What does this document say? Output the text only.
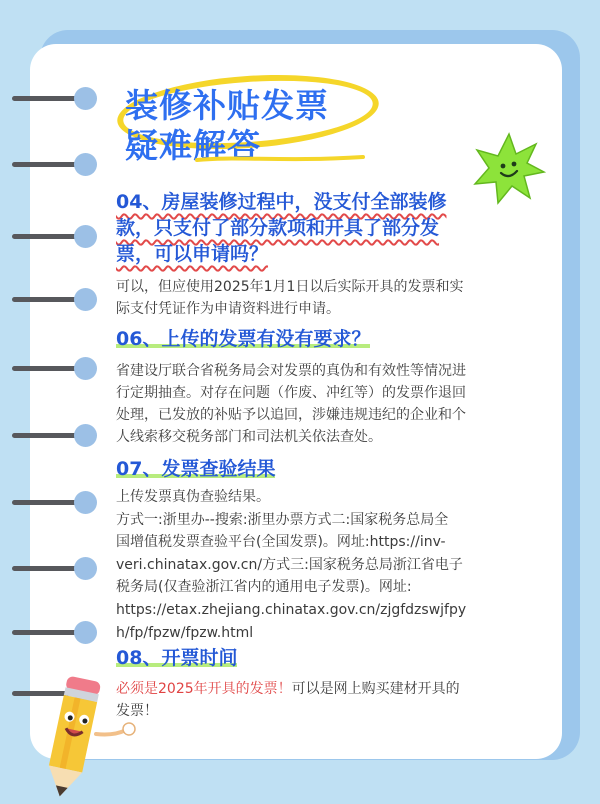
装修补贴发票
疑难解答
04、房屋装修过程中，没支付全部装修
款，只支付了部分款项和开具了部分发
票，可以申请吗？
可以，但应使用2025年1月1日以后实际开具的发票和实
际支付凭证作为申请资料进行申请。
06、上传的发票有没有要求？
省建设厅联合省税务局会对发票的真伪和有效性等情况进
行定期抽查。对存在问题（作废、冲红等）的发票作退回
处理，已发放的补贴予以追回，涉嫌违规违纪的企业和个
人线索移交税务部门和司法机关依法查处。
07、发票查验结果
上传发票真伪查验结果。
方式一:浙里办--搜索:浙里办票方式二:国家税务总局全
国增值税发票查验平台(全国发票)。网址:https://inv-
veri.chinatax.gov.cn/方式三:国家税务总局浙江省电子
税务局(仅查验浙江省内的通用电子发票)。网址:
https://etax.zhejiang.chinatax.gov.cn/zjgfdzswjfpy
h/fp/fpzw/fpzw.html
08、开票时间
必须是2025年开具的发票！可以是网上购买建材开具的
发票！
